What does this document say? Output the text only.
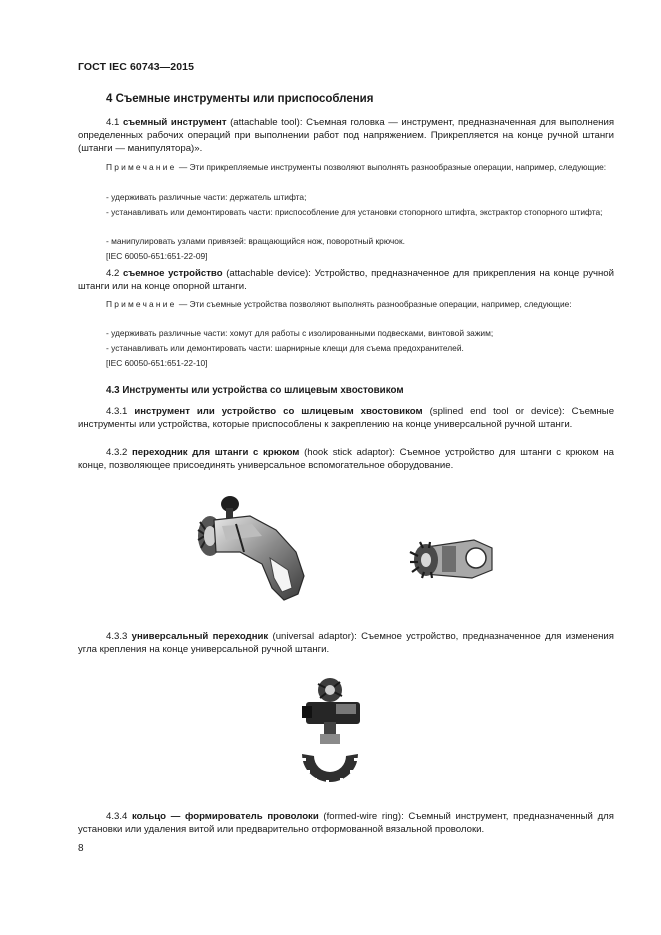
ГОСТ IEC 60743—2015
4 Съемные инструменты или приспособления
4.1 съемный инструмент (attachable tool): Съемная головка — инструмент, предназначенная для выполнения определенных рабочих операций при выполнении работ под напряжением. Прикрепляется на конце ручной штанги (штанги — манипулятора)».
Примечание — Эти прикрепляемые инструменты позволяют выполнять разнообразные операции, например, следующие:
- удерживать различные части: держатель штифта;
- устанавливать или демонтировать части: приспособление для установки стопорного штифта, экстрактор стопорного штифта;
- манипулировать узлами привязей: вращающийся нож, поворотный крючок.
[IEC 60050-651:651-22-09]
4.2 съемное устройство (attachable device): Устройство, предназначенное для прикрепления на конце ручной штанги или на конце опорной штанги.
Примечание — Эти съемные устройства позволяют выполнять разнообразные операции, например, следующие:
- удерживать различные части: хомут для работы с изолированными подвесками, винтовой зажим;
- устанавливать или демонтировать части: шарнирные клещи для съема предохранителей.
[IEC 60050-651:651-22-10]
4.3 Инструменты или устройства со шлицевым хвостовиком
4.3.1 инструмент или устройство со шлицевым хвостовиком (splined end tool or device): Съемные инструменты или устройства, которые приспособлены к закреплению на конце универсальной ручной штанги.
4.3.2 переходник для штанги с крюком (hook stick adaptor): Съемное устройство для штанги с крюком на конце, позволяющее присоединять универсальное вспомогательное оборудование.
4.3.3 универсальный переходник (universal adaptor): Съемное устройство, предназначенное для изменения угла крепления на конце универсальной ручной штанги.
4.3.4 кольцо — формирователь проволоки (formed-wire ring): Съемный инструмент, предназначенный для установки или удаления витой или предварительно отформованной вязальной проволоки.
8
